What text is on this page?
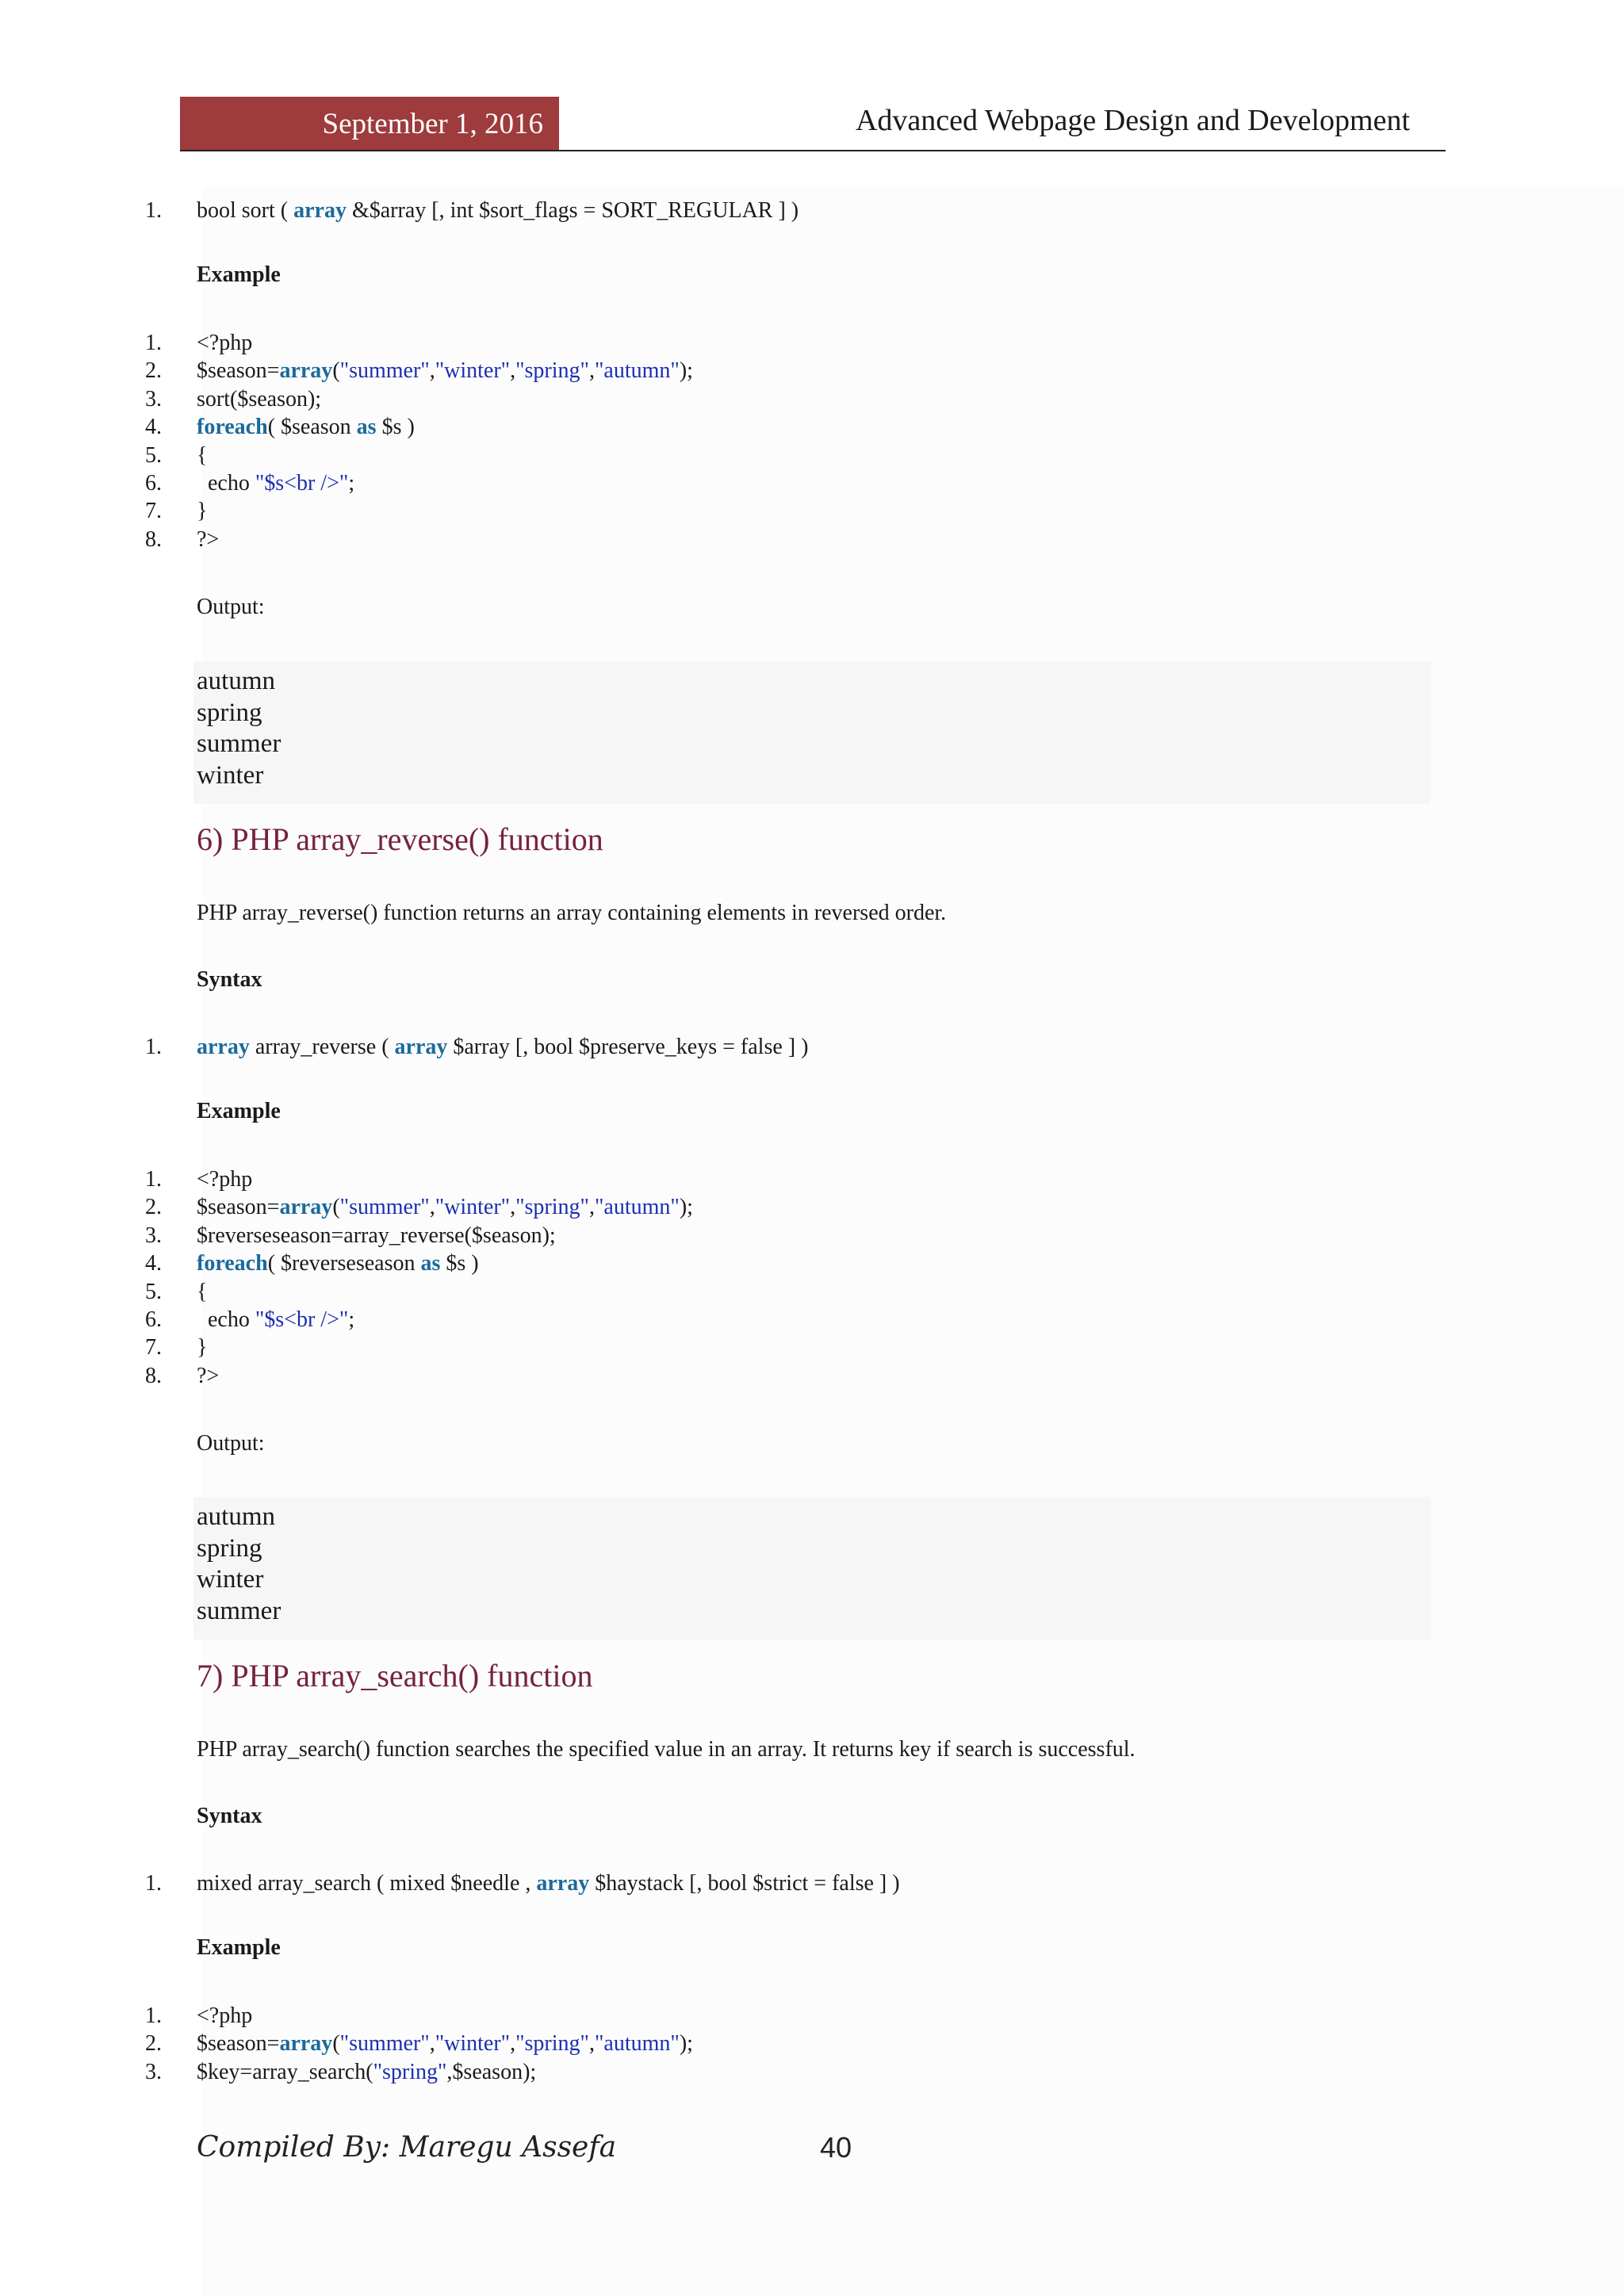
September 1, 2016	Advanced Webpage Design and Development
1. bool sort ( array &$array [, int $sort_flags = SORT_REGULAR ] )
Example
1. <?php
2. $season=array("summer","winter","spring","autumn");
3. sort($season);
4. foreach( $season as $s )
5. {
6. echo "$s<br />";
7. }
8. ?>
Output:
autumn
spring
summer
winter
6) PHP array_reverse() function
PHP array_reverse() function returns an array containing elements in reversed order.
Syntax
1. array array_reverse ( array $array [, bool $preserve_keys = false ] )
Example
1. <?php
2. $season=array("summer","winter","spring","autumn");
3. $reverseseason=array_reverse($season);
4. foreach( $reverseseason as $s )
5. {
6. echo "$s<br />";
7. }
8. ?>
Output:
autumn
spring
winter
summer
7) PHP array_search() function
PHP array_search() function searches the specified value in an array. It returns key if search is successful.
Syntax
1. mixed array_search ( mixed $needle , array $haystack [, bool $strict = false ] )
Example
1. <?php
2. $season=array("summer","winter","spring","autumn");
3. $key=array_search("spring",$season);
Compiled By: Maregu Assefa	40
